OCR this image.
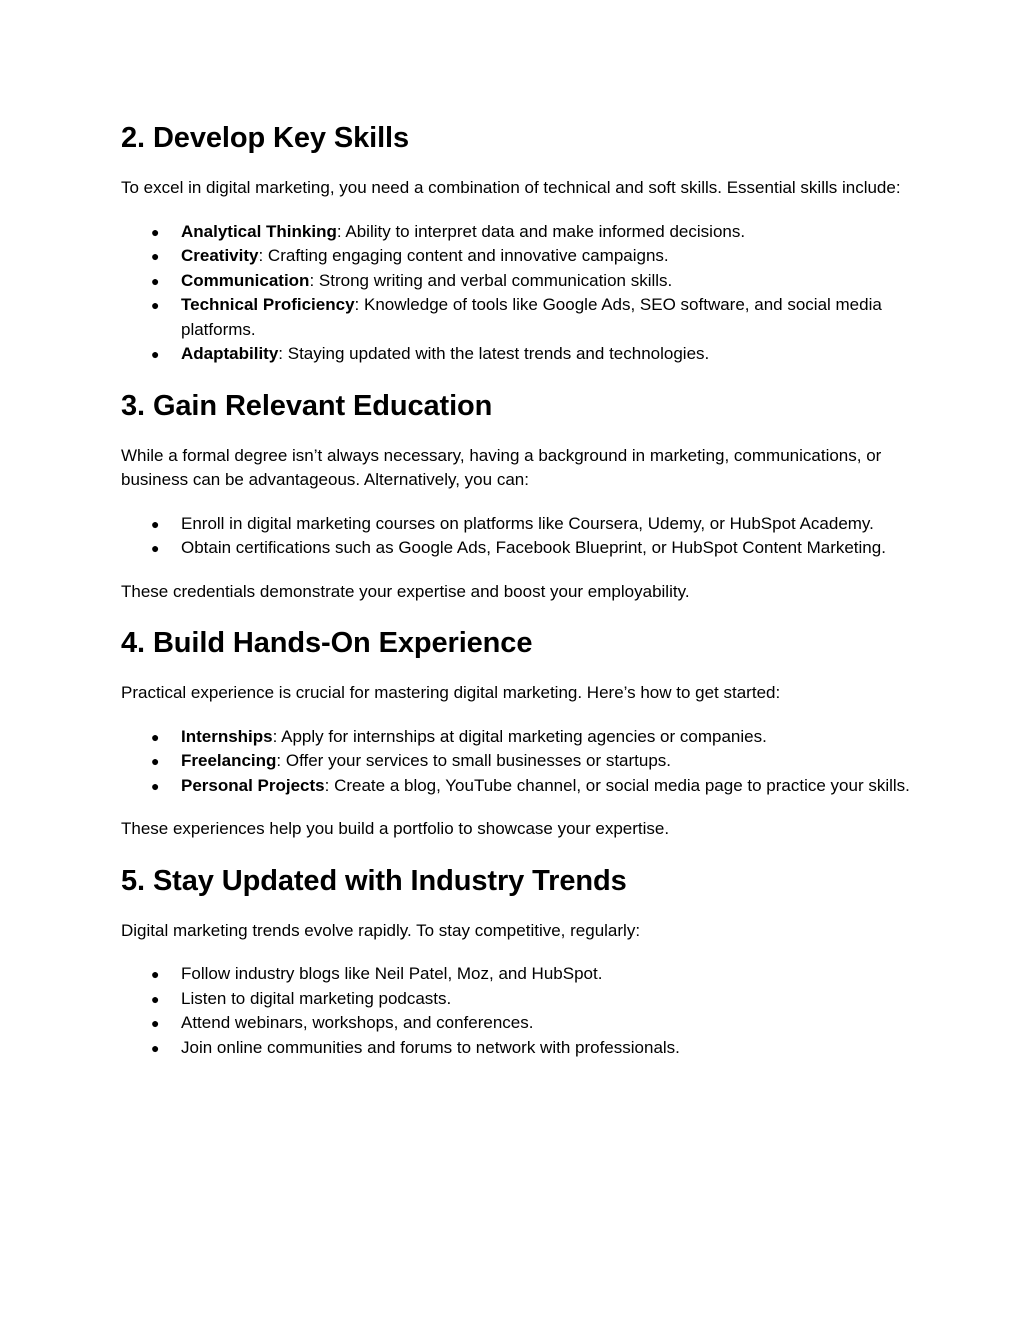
2. Develop Key Skills

To excel in digital marketing, you need a combination of technical and soft skills. Essential skills include:

● Analytical Thinking: Ability to interpret data and make informed decisions.
● Creativity: Crafting engaging content and innovative campaigns.
● Communication: Strong writing and verbal communication skills.
● Technical Proficiency: Knowledge of tools like Google Ads, SEO software, and social media platforms.
● Adaptability: Staying updated with the latest trends and technologies.
3. Gain Relevant Education

While a formal degree isn’t always necessary, having a background in marketing, communications, or business can be advantageous. Alternatively, you can:

● Enroll in digital marketing courses on platforms like Coursera, Udemy, or HubSpot Academy.
● Obtain certifications such as Google Ads, Facebook Blueprint, or HubSpot Content Marketing.

These credentials demonstrate your expertise and boost your employability.

4. Build Hands-On Experience

Practical experience is crucial for mastering digital marketing. Here’s how to get started:

● Internships: Apply for internships at digital marketing agencies or companies.
● Freelancing: Offer your services to small businesses or startups.
● Personal Projects: Create a blog, YouTube channel, or social media page to practice your skills.

These experiences help you build a portfolio to showcase your expertise.

5. Stay Updated with Industry Trends

Digital marketing trends evolve rapidly. To stay competitive, regularly:

● Follow industry blogs like Neil Patel, Moz, and HubSpot.
● Listen to digital marketing podcasts.
● Attend webinars, workshops, and conferences.
● Join online communities and forums to network with professionals.
